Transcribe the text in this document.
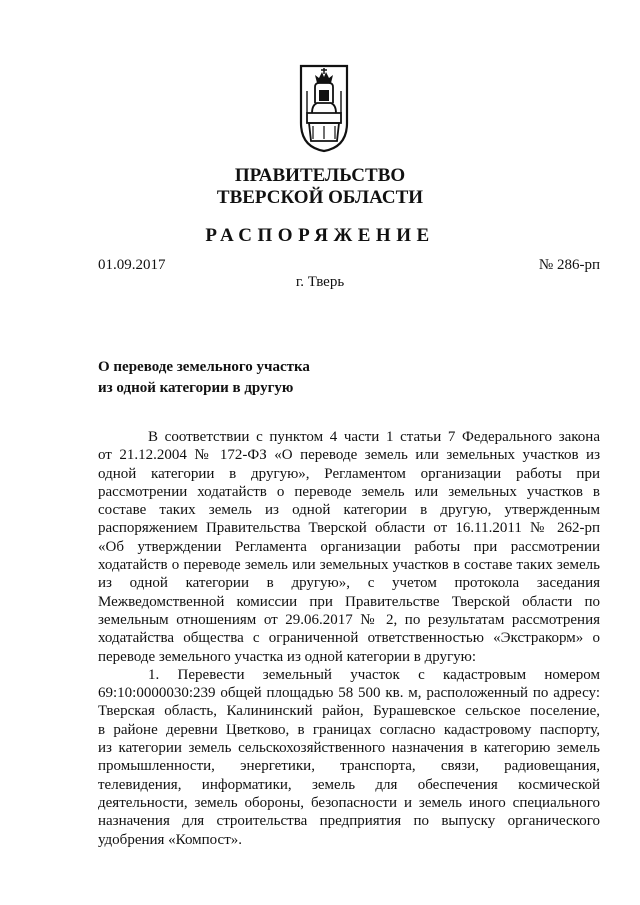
ПРАВИТЕЛЬСТВО
ТВЕРСКОЙ ОБЛАСТИ
РАСПОРЯЖЕНИЕ
01.09.2017	№ 286-рп
г. Тверь
О переводе земельного участка
из одной категории в другую
В соответствии с пунктом 4 части 1 статьи 7 Федерального закона
от 21.12.2004 № 172-ФЗ «О переводе земель или земельных участков из
одной категории в другую», Регламентом организации работы при
рассмотрении ходатайств о переводе земель или земельных участков в
составе таких земель из одной категории в другую, утвержденным
распоряжением Правительства Тверской области от 16.11.2011 № 262-рп
«Об утверждении Регламента организации работы при рассмотрении
ходатайств о переводе земель или земельных участков в составе таких земель
из одной категории в другую», с учетом протокола заседания
Межведомственной комиссии при Правительстве Тверской области по
земельным отношениям от 29.06.2017 № 2, по результатам рассмотрения
ходатайства общества с ограниченной ответственностью «Экстракорм» о
переводе земельного участка из одной категории в другую:
1. Перевести земельный участок с кадастровым номером
69:10:0000030:239 общей площадью 58 500 кв. м, расположенный по адресу:
Тверская область, Калининский район, Бурашевское сельское поселение,
в районе деревни Цветково, в границах согласно кадастровому паспорту,
из категории земель сельскохозяйственного назначения в категорию земель
промышленности, энергетики, транспорта, связи, радиовещания,
телевидения, информатики, земель для обеспечения космической
деятельности, земель обороны, безопасности и земель иного специального
назначения для строительства предприятия по выпуску органического
удобрения «Компост».
